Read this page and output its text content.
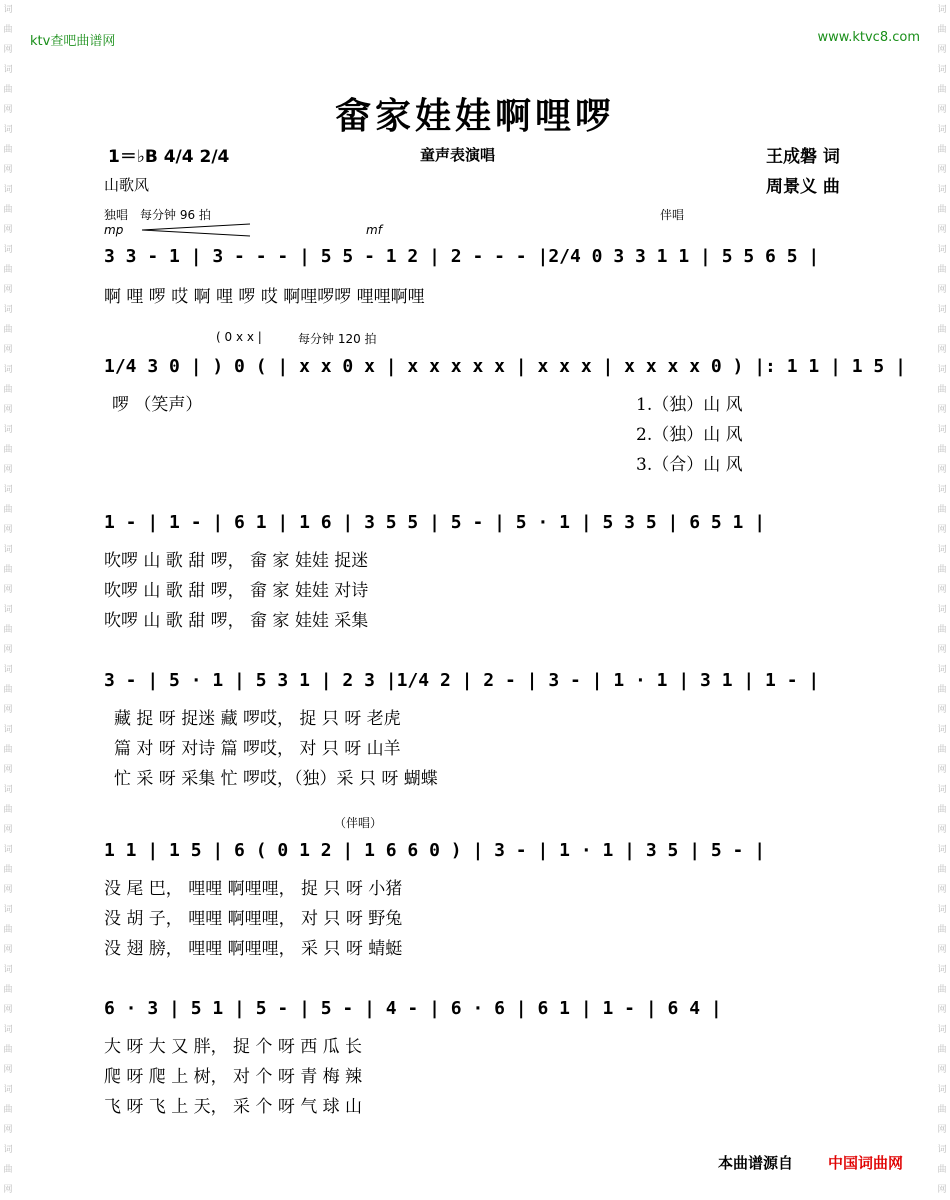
词曲网词曲网词曲网词曲网词曲网词曲网词曲网词曲网词曲网词曲网词曲网词曲网词曲网词曲网词曲网词曲网词曲网词曲网词曲网词曲网
词曲网词曲网词曲网词曲网词曲网词曲网词曲网词曲网词曲网词曲网词曲网词曲网词曲网词曲网词曲网词曲网词曲网词曲网词曲网词曲网
ktv查吧曲谱网	www.ktvc8.com
畲家娃娃啊哩啰
1＝♭B 4/4 2/4	童声表演唱	王成磐 词
周景义 曲
山歌风
独唱　每分钟 96 拍
mp	mf
伴唱
3 3 - 1 | 3 - - - | 5 5 - 1 2 | 2 - - - |2/4 0 3 3 1 1 | 5 5 6 5 |
啊 哩 啰 哎 啊 哩 啰 哎 啊哩啰啰 哩哩啊哩
( 0 x x |	每分钟 120 拍
1/4 3 0 | ) 0 ( | x x 0 x | x x x x x | x x x | x x x x 0 ) |: 1 1 | 1 5 |
啰 （笑声）	1.（独）山 风
2.（独）山 风
3.（合）山 风
1 - | 1 - | 6 1 | 1 6 | 3 5 5 | 5 - | 5 · 1 | 5 3 5 | 6 5 1 |
吹啰 山 歌 甜 啰， 畲 家 娃娃 捉迷
吹啰 山 歌 甜 啰， 畲 家 娃娃 对诗
吹啰 山 歌 甜 啰， 畲 家 娃娃 采集
3 - | 5 · 1 | 5 3 1 | 2 3 |1/4 2 | 2 - | 3 - | 1 · 1 | 3 1 | 1 - |
藏 捉 呀 捉迷 藏 啰哎， 捉 只 呀 老虎
篇 对 呀 对诗 篇 啰哎， 对 只 呀 山羊
忙 采 呀 采集 忙 啰哎，（独）采 只 呀 蝴蝶
（伴唱）
1 1 | 1 5 | 6 ( 0 1 2 | 1 6 6 0 ) | 3 - | 1 · 1 | 3 5 | 5 - |
没 尾 巴， 哩哩 啊哩哩， 捉 只 呀 小猪
没 胡 子， 哩哩 啊哩哩， 对 只 呀 野兔
没 翅 膀， 哩哩 啊哩哩， 采 只 呀 蜻蜓
6 · 3 | 5 1 | 5 - | 5 - | 4 - | 6 · 6 | 6 1 | 1 - | 6 4 |
大 呀 大 又 胖， 捉 个 呀 西 瓜 长
爬 呀 爬 上 树， 对 个 呀 青 梅 辣
飞 呀 飞 上 天， 采 个 呀 气 球 山
本曲谱源自 中国词曲网
